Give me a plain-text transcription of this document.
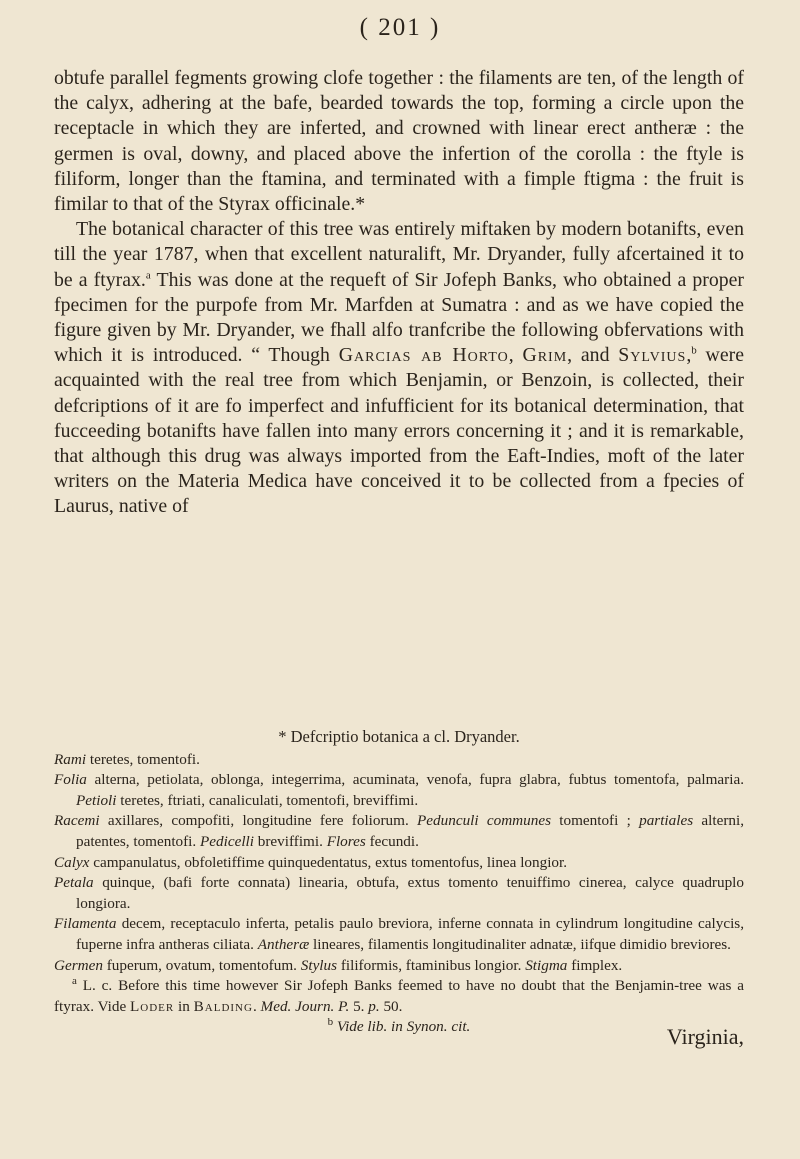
( 201 )

obtufe parallel fegments growing clofe together : the filaments are ten, of the length of the calyx, adhering at the bafe, bearded towards the top, forming a circle upon the receptacle in which they are inferted, and crowned with linear erect antheræ : the germen is oval, downy, and placed above the infertion of the corolla : the ftyle is filiform, longer than the ftamina, and terminated with a fimple ftigma : the fruit is fimilar to that of the Styrax officinale.*

The botanical character of this tree was entirely miftaken by modern botanifts, even till the year 1787, when that excellent naturalift, Mr. Dryander, fully afcertained it to be a ftyrax.$^a$ This was done at the requeft of Sir Jofeph Banks, who obtained a proper fpecimen for the purpofe from Mr. Marfden at Sumatra : and as we have copied the figure given by Mr. Dryander, we fhall alfo tranfcribe the following obfervations with which it is introduced. “ Though Garcias ab Horto, Grim, and Sylvius,$^b$ were acquainted with the real tree from which Benjamin, or Benzoin, is collected, their defcriptions of it are fo imperfect and infufficient for its botanical determination, that fucceeding botanifts have fallen into many errors concerning it ; and it is remarkable, that although this drug was always imported from the Eaft-Indies, moft of the later writers on the Materia Medica have conceived it to be collected from a fpecies of Laurus, native of

* Defcriptio botanica a cl. Dryander.

Rami teretes, tomentofi.

Folia alterna, petiolata, oblonga, integerrima, acuminata, venofa, fupra glabra, fubtus tomentofa, palmaria. Petioli teretes, ftriati, canaliculati, tomentofi, breviffimi.

Racemi axillares, compofiti, longitudine fere foliorum. Pedunculi communes tomentofi ; partiales alterni, patentes, tomentofi. Pedicelli breviffimi. Flores fecundi.

Calyx campanulatus, obfoletiffime quinquedentatus, extus tomentofus, linea longior.

Petala quinque, (bafi forte connata) linearia, obtufa, extus tomento tenuiffimo cinerea, calyce quadruplo longiora.

Filamenta decem, receptaculo inferta, petalis paulo breviora, inferne connata in cylindrum longitudine calycis, fuperne infra antheras ciliata. Antheræ lineares, filamentis longitudinaliter adnatæ, iifque dimidio breviores.

Germen fuperum, ovatum, tomentofum. Stylus filiformis, ftaminibus longior. Stigma fimplex.

$^a$ L. c. Before this time however Sir Jofeph Banks feemed to have no doubt that the Benjamin-tree was a ftyrax. Vide Loder in Balding. Med. Journ. P. 5. p. 50.

$^b$ Vide lib. in Synon. cit.	Virginia,
